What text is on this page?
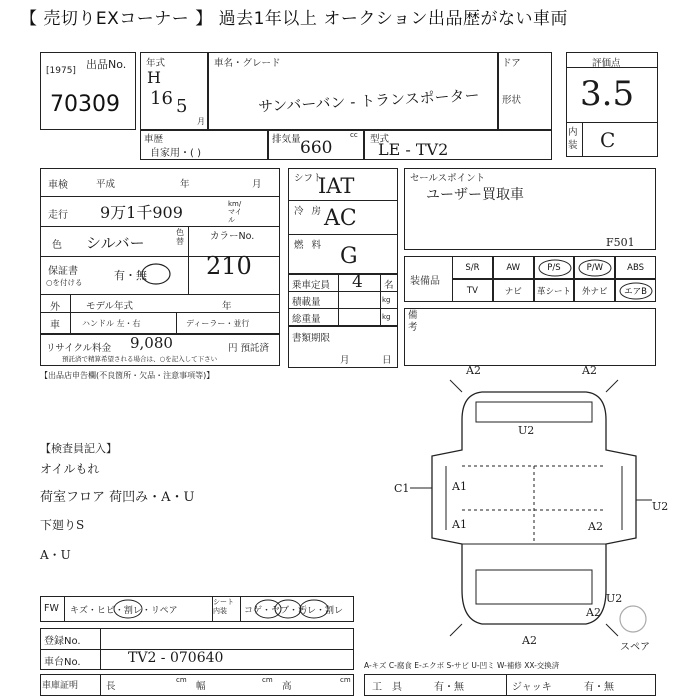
【 売切りEXコーナー 】 過去1年以上 オークション出品歴がない車両
出品No.
[1975]
70309
年式
H
16 5
月
車名・グレード
サンバーバン - トランスポーター
ドア
形状
評価点
3.5
内装 C
車歴
自家用・( )
排気量 660
cc 型式
LE - TV2
車検	平成	年	月
走行 9万1千909	km/マイル
色 シルバー
色替	カラーNo.
210
保証書
○を付ける
有・無
外
車
モデル年式	年
ハンドル 左・右	ディーラー・並行
リサイクル料金 9,080	円 預託済
預託済で精算希望される場合は、○を記入して下さい
【出品店申告欄(不良箇所・欠品・注意事項等)】
シフト
IAT
冷房
AC
燃料 G
乗車定員 4 名
積載量	kg
総重量	kg
書類期限
月	日
セールスポイント
ユーザー買取車
装備品
F501
S/R	AW	P/S	P/W	ABS
TV	ナビ	革シート	外ナビ	エアB
備考
【検査員記入】
オイルもれ
荷室フロア 荷凹み・A・U
下廻りS
A・U
A2	A2
U2
C1	A1
A1	A2
U2
U2
A2
A2
スペア
FW キズ・ヒビ・割レ・リペア
シート内装	コゲ・ヤブ・汚レ・割レ
登録No.
車台No.	TV2 - 070640
車庫証明	長
cm
幅
cm
高
cm
A-キズ C-腐食 E-エクボ S-サビ U-凹ミ W-補修 XX-交換済
工具 有・無	ジャッキ	有・無
